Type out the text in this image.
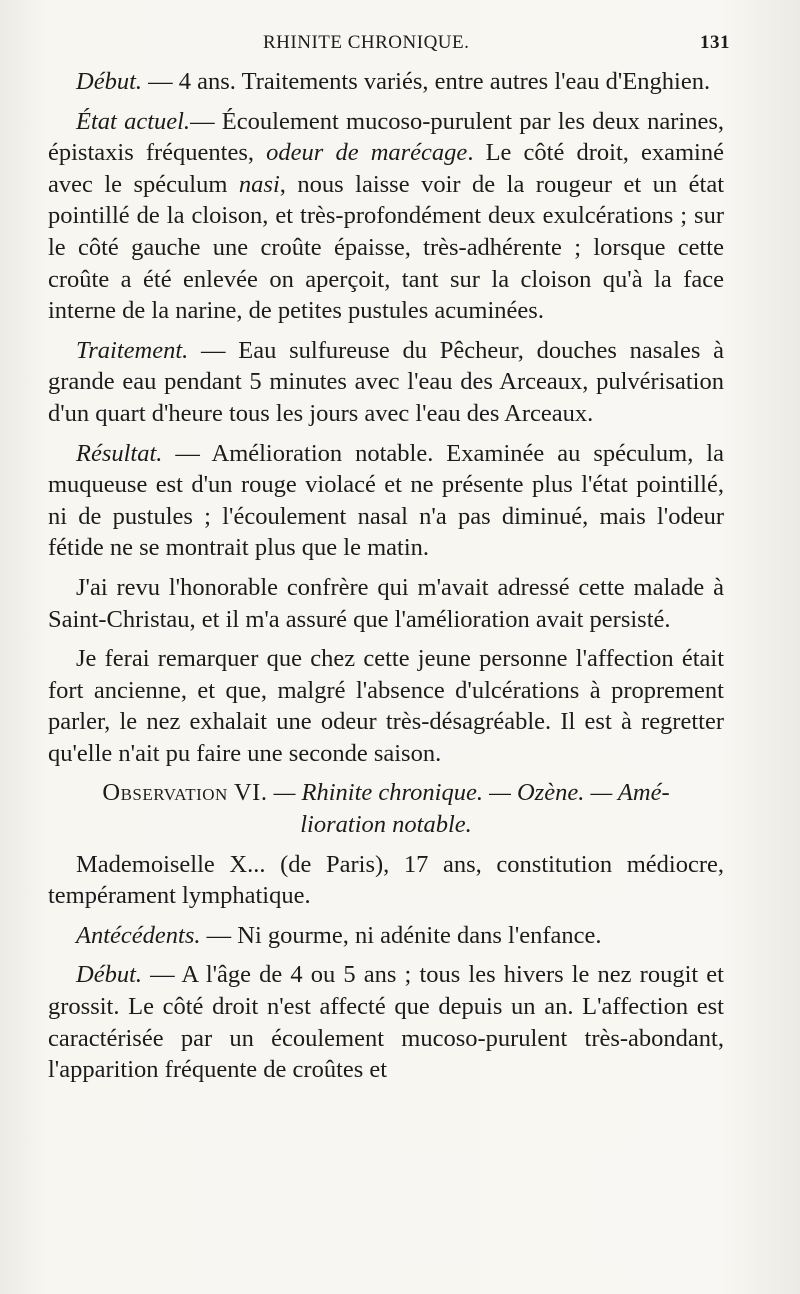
RHINITE CHRONIQUE.	131

Début. — 4 ans. Traitements variés, entre autres l'eau d'Enghien.

État actuel.— Écoulement mucoso-purulent par les deux narines, épistaxis fréquentes, odeur de marécage. Le côté droit, examiné avec le spéculum nasi, nous laisse voir de la rougeur et un état pointillé de la cloison, et très-profondément deux exulcérations ; sur le côté gauche une croûte épaisse, très-adhérente ; lorsque cette croûte a été enlevée on aperçoit, tant sur la cloison qu'à la face interne de la narine, de petites pustules acuminées.

Traitement. — Eau sulfureuse du Pêcheur, douches nasales à grande eau pendant 5 minutes avec l'eau des Arceaux, pulvérisation d'un quart d'heure tous les jours avec l'eau des Arceaux.

Résultat. — Amélioration notable. Examinée au spéculum, la muqueuse est d'un rouge violacé et ne présente plus l'état pointillé, ni de pustules ; l'écoulement nasal n'a pas diminué, mais l'odeur fétide ne se montrait plus que le matin.

J'ai revu l'honorable confrère qui m'avait adressé cette malade à Saint-Christau, et il m'a assuré que l'amélioration avait persisté.

Je ferai remarquer que chez cette jeune personne l'affection était fort ancienne, et que, malgré l'absence d'ulcérations à proprement parler, le nez exhalait une odeur très-désagréable. Il est à regretter qu'elle n'ait pu faire une seconde saison.

Observation VI. — Rhinite chronique. — Ozène. — Amé-
lioration notable.

Mademoiselle X... (de Paris), 17 ans, constitution médiocre, tempérament lymphatique.

Antécédents. — Ni gourme, ni adénite dans l'enfance.

Début. — A l'âge de 4 ou 5 ans ; tous les hivers le nez rougit et grossit. Le côté droit n'est affecté que depuis un an. L'affection est caractérisée par un écoulement mucoso-purulent très-abondant, l'apparition fréquente de croûtes et
